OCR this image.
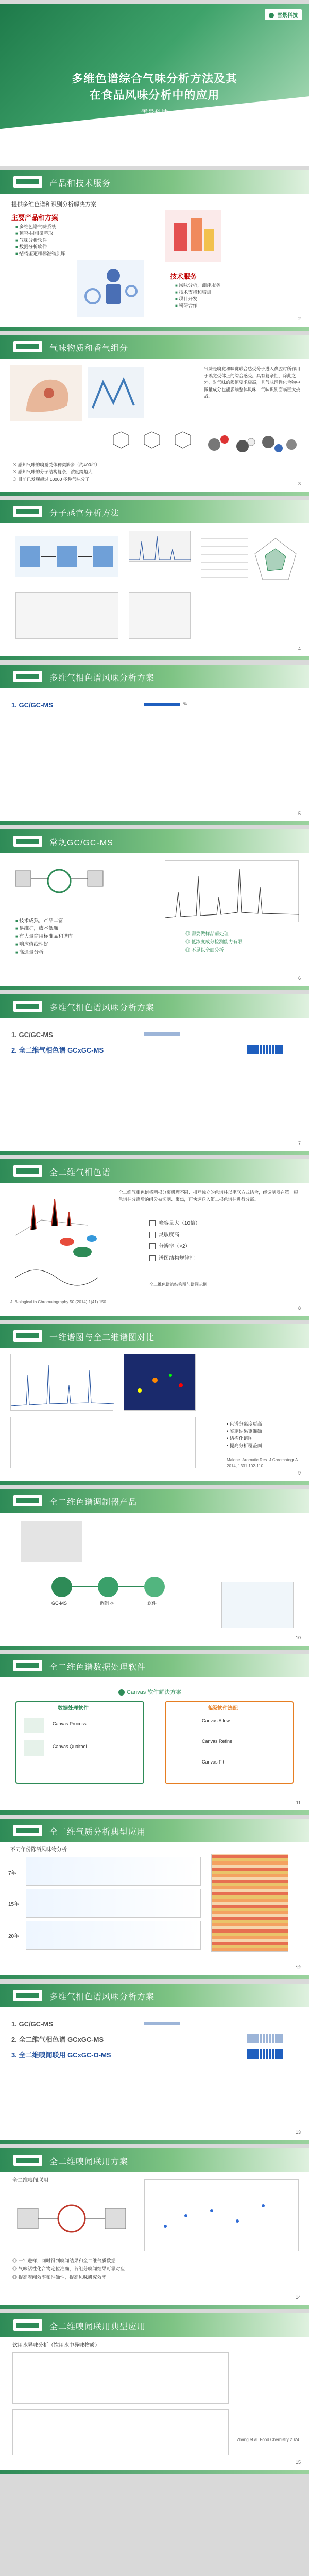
雪景科技
多维色谱综合气味分析方法及其
在食品风味分析中的应用
雪景科技
2025.4
产品和技术服务
提供多维色谱和识别分析解决方案
主要产品和方案
■ 多维色谱气味系统
■ 顶空-固相微萃取
■ 气味分析软件
■ 数据分析软件
■ 结构鉴定和标准物质库
技术服务
■ 风味分析，测评服务
■ 技术支持和培训
■ 项目开发
■ 科研合作
2
气味物质和香气组分
气味是嗅觉和味觉联合感受分子进入鼻腔时所作用于嗅觉受体上的综合感受。具有复杂性，除此之外，对气味的阈值要求极高，且气味活性化合物中微量成分也能影响整体风味，气味识别面临巨大挑战。
⊙ 感知气味的嗅觉受体种类繁多（约400种）
⊙ 感知气味的分子结构复杂，浓度跨越大
⊙ 目前已发现超过 10000 多种气味分子
3
分子感官分析方法
4
多维气相色谱风味分析方案
1. GC/GC-MS	%
5
常规GC/GC-MS
■ 技术成熟，产品丰富
■ 易维护，成本低廉
■ 有大量商用标准品和谱库
■ 响应值线性好
■ 高通量分析
◎ 需要做样品前处理
◎ 低浓度成分检测能力有限
◎ 不足以全面分析
6
多维气相色谱风味分析方案
1. GC/GC-MS
2. 全二维气相色谱 GCxGC-MS
7
全二维气相色谱
全二维气相色谱将两根分离机理不同、相互独立的色谱柱以串联方式结合，经调制器在第一根色谱柱分离后的组分被切割、聚焦，再快速送入第二根色谱柱进行分离。
峰容量大（10倍）
灵敏度高
分辨率（×2）
谱图结构规律性
全二维色谱的结构图与谱图示例
J. Biological in Chromatography 50 (2014) 1(41) 150
8
一维谱图与全二维谱图对比
• 色谱分离度更高
• 鉴定结果更准确
• 结构化谱图
• 提高分析覆盖面
Malone, Aromatic Res. J Chromatogr A 2014, 1331 102-110
9
全二维色谱调制器产品
GC-MS	调制器	软件
10
全二维色谱数据处理软件
Canvas 软件解决方案
数据处理软件
Canvas Process
Canvas Qualtool
高级软件选配
Canvas Allow
Canvas Refine
Canvas Fit
11
全二维气质分析典型应用
不同年份陈酒风味物分析
7年
15年
20年
12
多维气相色谱风味分析方案
1. GC/GC-MS
2. 全二维气相色谱 GCxGC-MS
3. 全二维嗅闻联用 GCxGC-O-MS
13
全二维嗅闻联用方案
全二维嗅闻联用
◎ 一针进样，同时得到嗅闻结果和全二维气质数据
◎ 气味活性化合物定位准确，各组分嗅闻结果可靠对应
◎ 提高嗅闻效率和准确性，提高风味研究效率
14
全二维嗅闻联用典型应用
饮用水异味分析（饮用水中异味物质）
Zhang et al. Food Chemistry 2024
15
